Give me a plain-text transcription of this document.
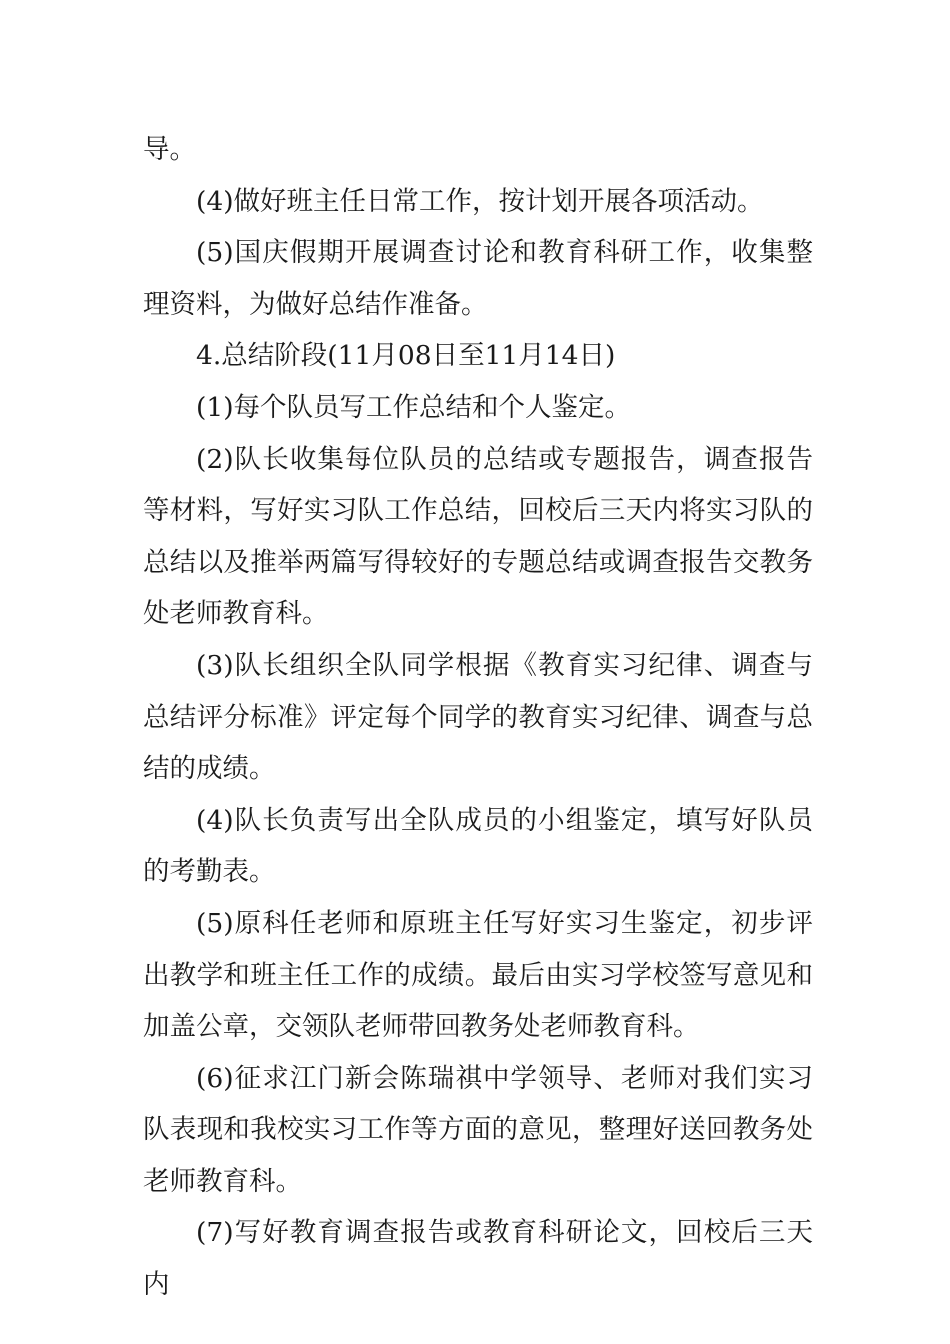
导。

(4)做好班主任日常工作，按计划开展各项活动。

(5)国庆假期开展调查讨论和教育科研工作，收集整理资料，为做好总结作准备。

4.总结阶段(11月08日至11月14日)

(1)每个队员写工作总结和个人鉴定。

(2)队长收集每位队员的总结或专题报告，调查报告等材料，写好实习队工作总结，回校后三天内将实习队的总结以及推举两篇写得较好的专题总结或调查报告交教务处老师教育科。

(3)队长组织全队同学根据《教育实习纪律、调查与总结评分标准》评定每个同学的教育实习纪律、调查与总结的成绩。

(4)队长负责写出全队成员的小组鉴定，填写好队员的考勤表。

(5)原科任老师和原班主任写好实习生鉴定，初步评出教学和班主任工作的成绩。最后由实习学校签写意见和加盖公章，交领队老师带回教务处老师教育科。

(6)征求江门新会陈瑞祺中学领导、老师对我们实习队表现和我校实习工作等方面的意见，整理好送回教务处老师教育科。

(7)写好教育调查报告或教育科研论文，回校后三天内
